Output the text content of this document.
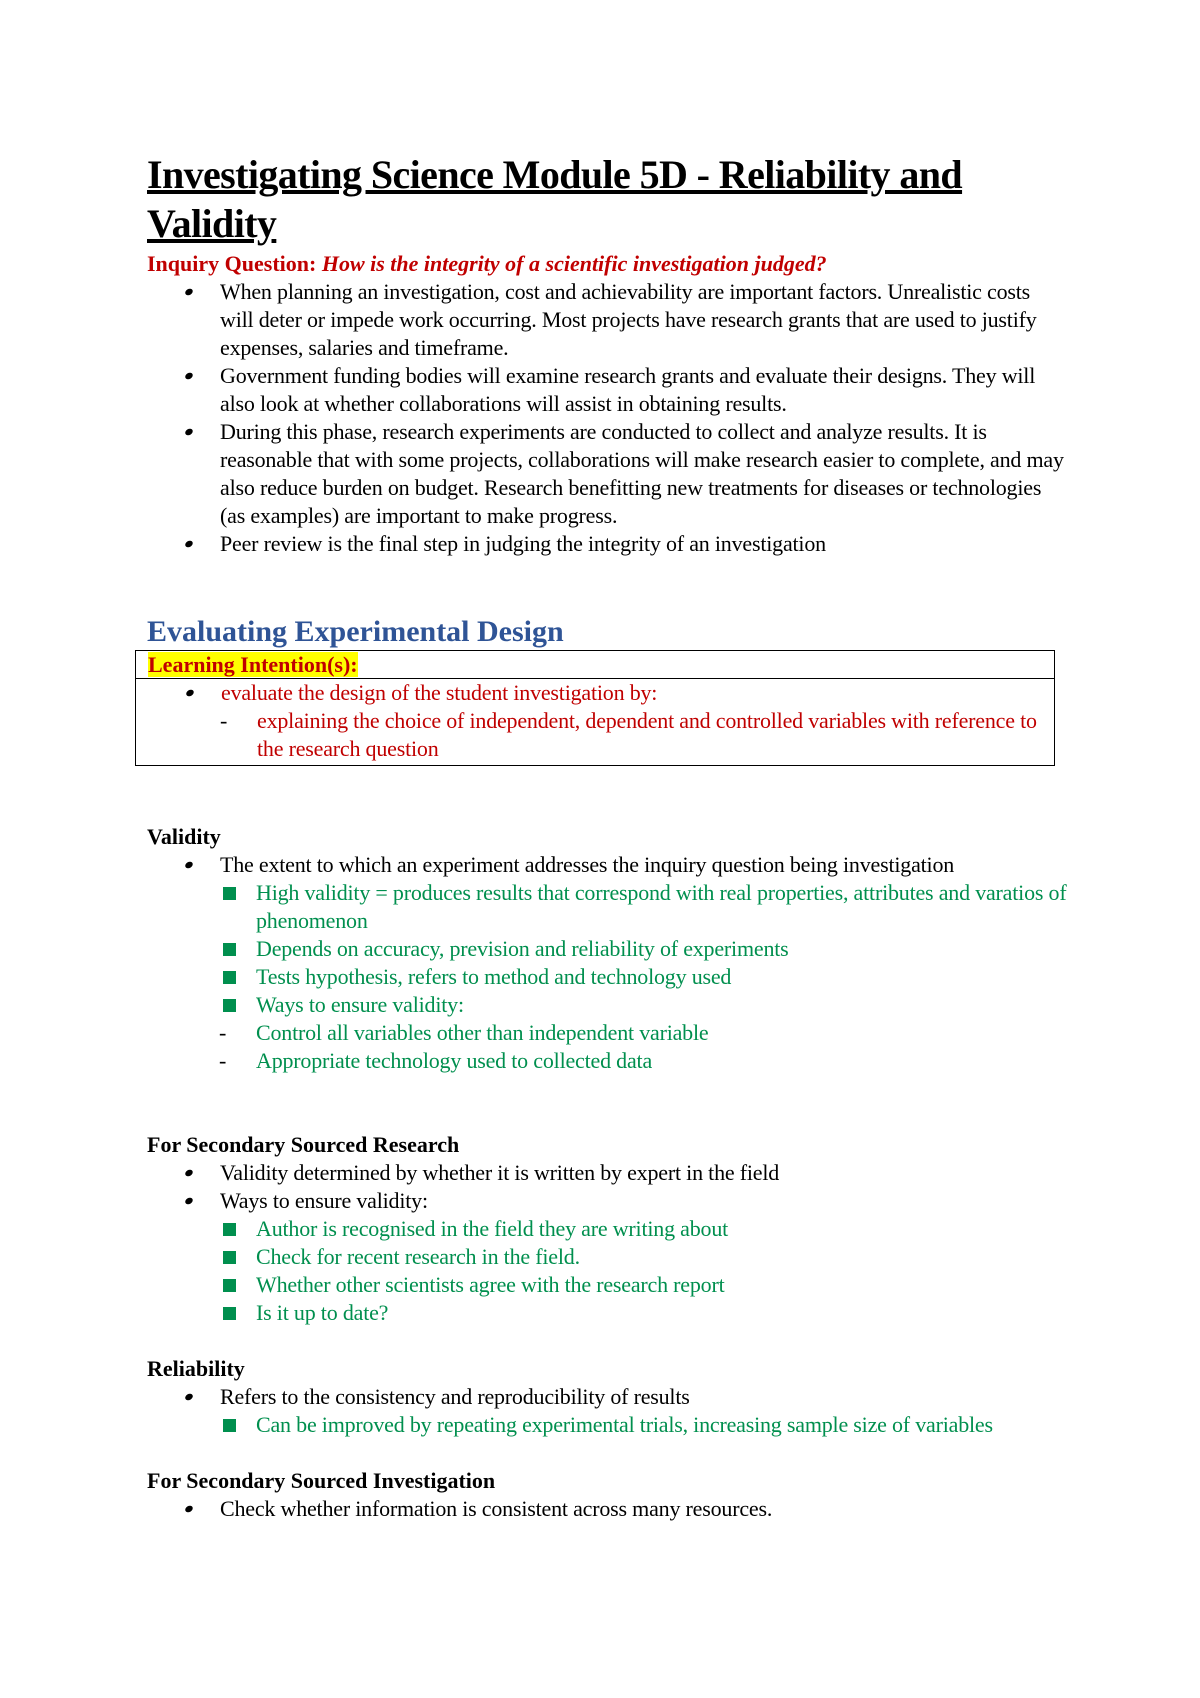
Investigating Science Module 5D - Reliability and Validity

Inquiry Question: How is the integrity of a scientific investigation judged?

When planning an investigation, cost and achievability are important factors. Unrealistic costs will deter or impede work occurring. Most projects have research grants that are used to justify expenses, salaries and timeframe.
Government funding bodies will examine research grants and evaluate their designs. They will also look at whether collaborations will assist in obtaining results.
During this phase, research experiments are conducted to collect and analyze results. It is reasonable that with some projects, collaborations will make research easier to complete, and may also reduce burden on budget. Research benefitting new treatments for diseases or technologies (as examples) are important to make progress.
Peer review is the final step in judging the integrity of an investigation
Evaluating Experimental Design
Learning Intention(s):
evaluate the design of the student investigation by:
- explaining the choice of independent, dependent and controlled variables with reference to the research question
Validity
The extent to which an experiment addresses the inquiry question being investigation
High validity = produces results that correspond with real properties, attributes and varatios of phenomenon
Depends on accuracy, prevision and reliability of experiments
Tests hypothesis, refers to method and technology used
Ways to ensure validity:
- Control all variables other than independent variable
- Appropriate technology used to collected data
For Secondary Sourced Research
Validity determined by whether it is written by expert in the field
Ways to ensure validity:
Author is recognised in the field they are writing about
Check for recent research in the field.
Whether other scientists agree with the research report
Is it up to date?
Reliability
Refers to the consistency and reproducibility of results
Can be improved by repeating experimental trials, increasing sample size of variables
For Secondary Sourced Investigation
Check whether information is consistent across many resources.
